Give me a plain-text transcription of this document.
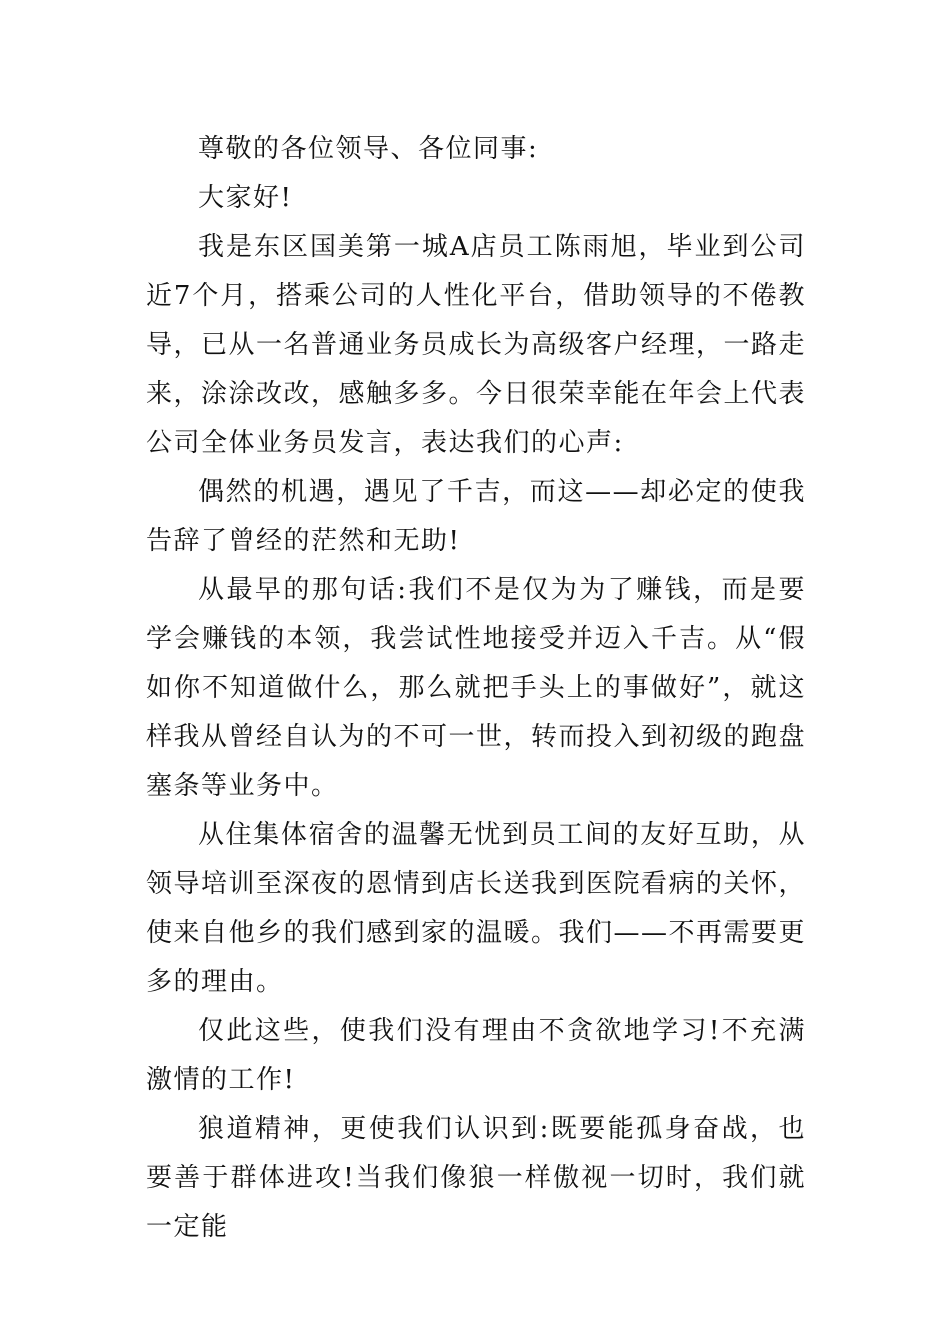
尊敬的各位领导、各位同事:

大家好!

我是东区国美第一城A店员工陈雨旭，毕业到公司近7个月，搭乘公司的人性化平台，借助领导的不倦教导，已从一名普通业务员成长为高级客户经理，一路走来，涂涂改改，感触多多。今日很荣幸能在年会上代表公司全体业务员发言，表达我们的心声:

偶然的机遇，遇见了千吉，而这——却必定的使我告辞了曾经的茫然和无助!

从最早的那句话:我们不是仅为为了赚钱，而是要学会赚钱的本领，我尝试性地接受并迈入千吉。从“假如你不知道做什么，那么就把手头上的事做好”，就这样我从曾经自认为的不可一世，转而投入到初级的跑盘塞条等业务中。

从住集体宿舍的温馨无忧到员工间的友好互助，从领导培训至深夜的恩情到店长送我到医院看病的关怀，使来自他乡的我们感到家的温暖。我们——不再需要更多的理由。

仅此这些，使我们没有理由不贪欲地学习!不充满激情的工作!

狼道精神，更使我们认识到:既要能孤身奋战，也要善于群体进攻!当我们像狼一样傲视一切时，我们就一定能
